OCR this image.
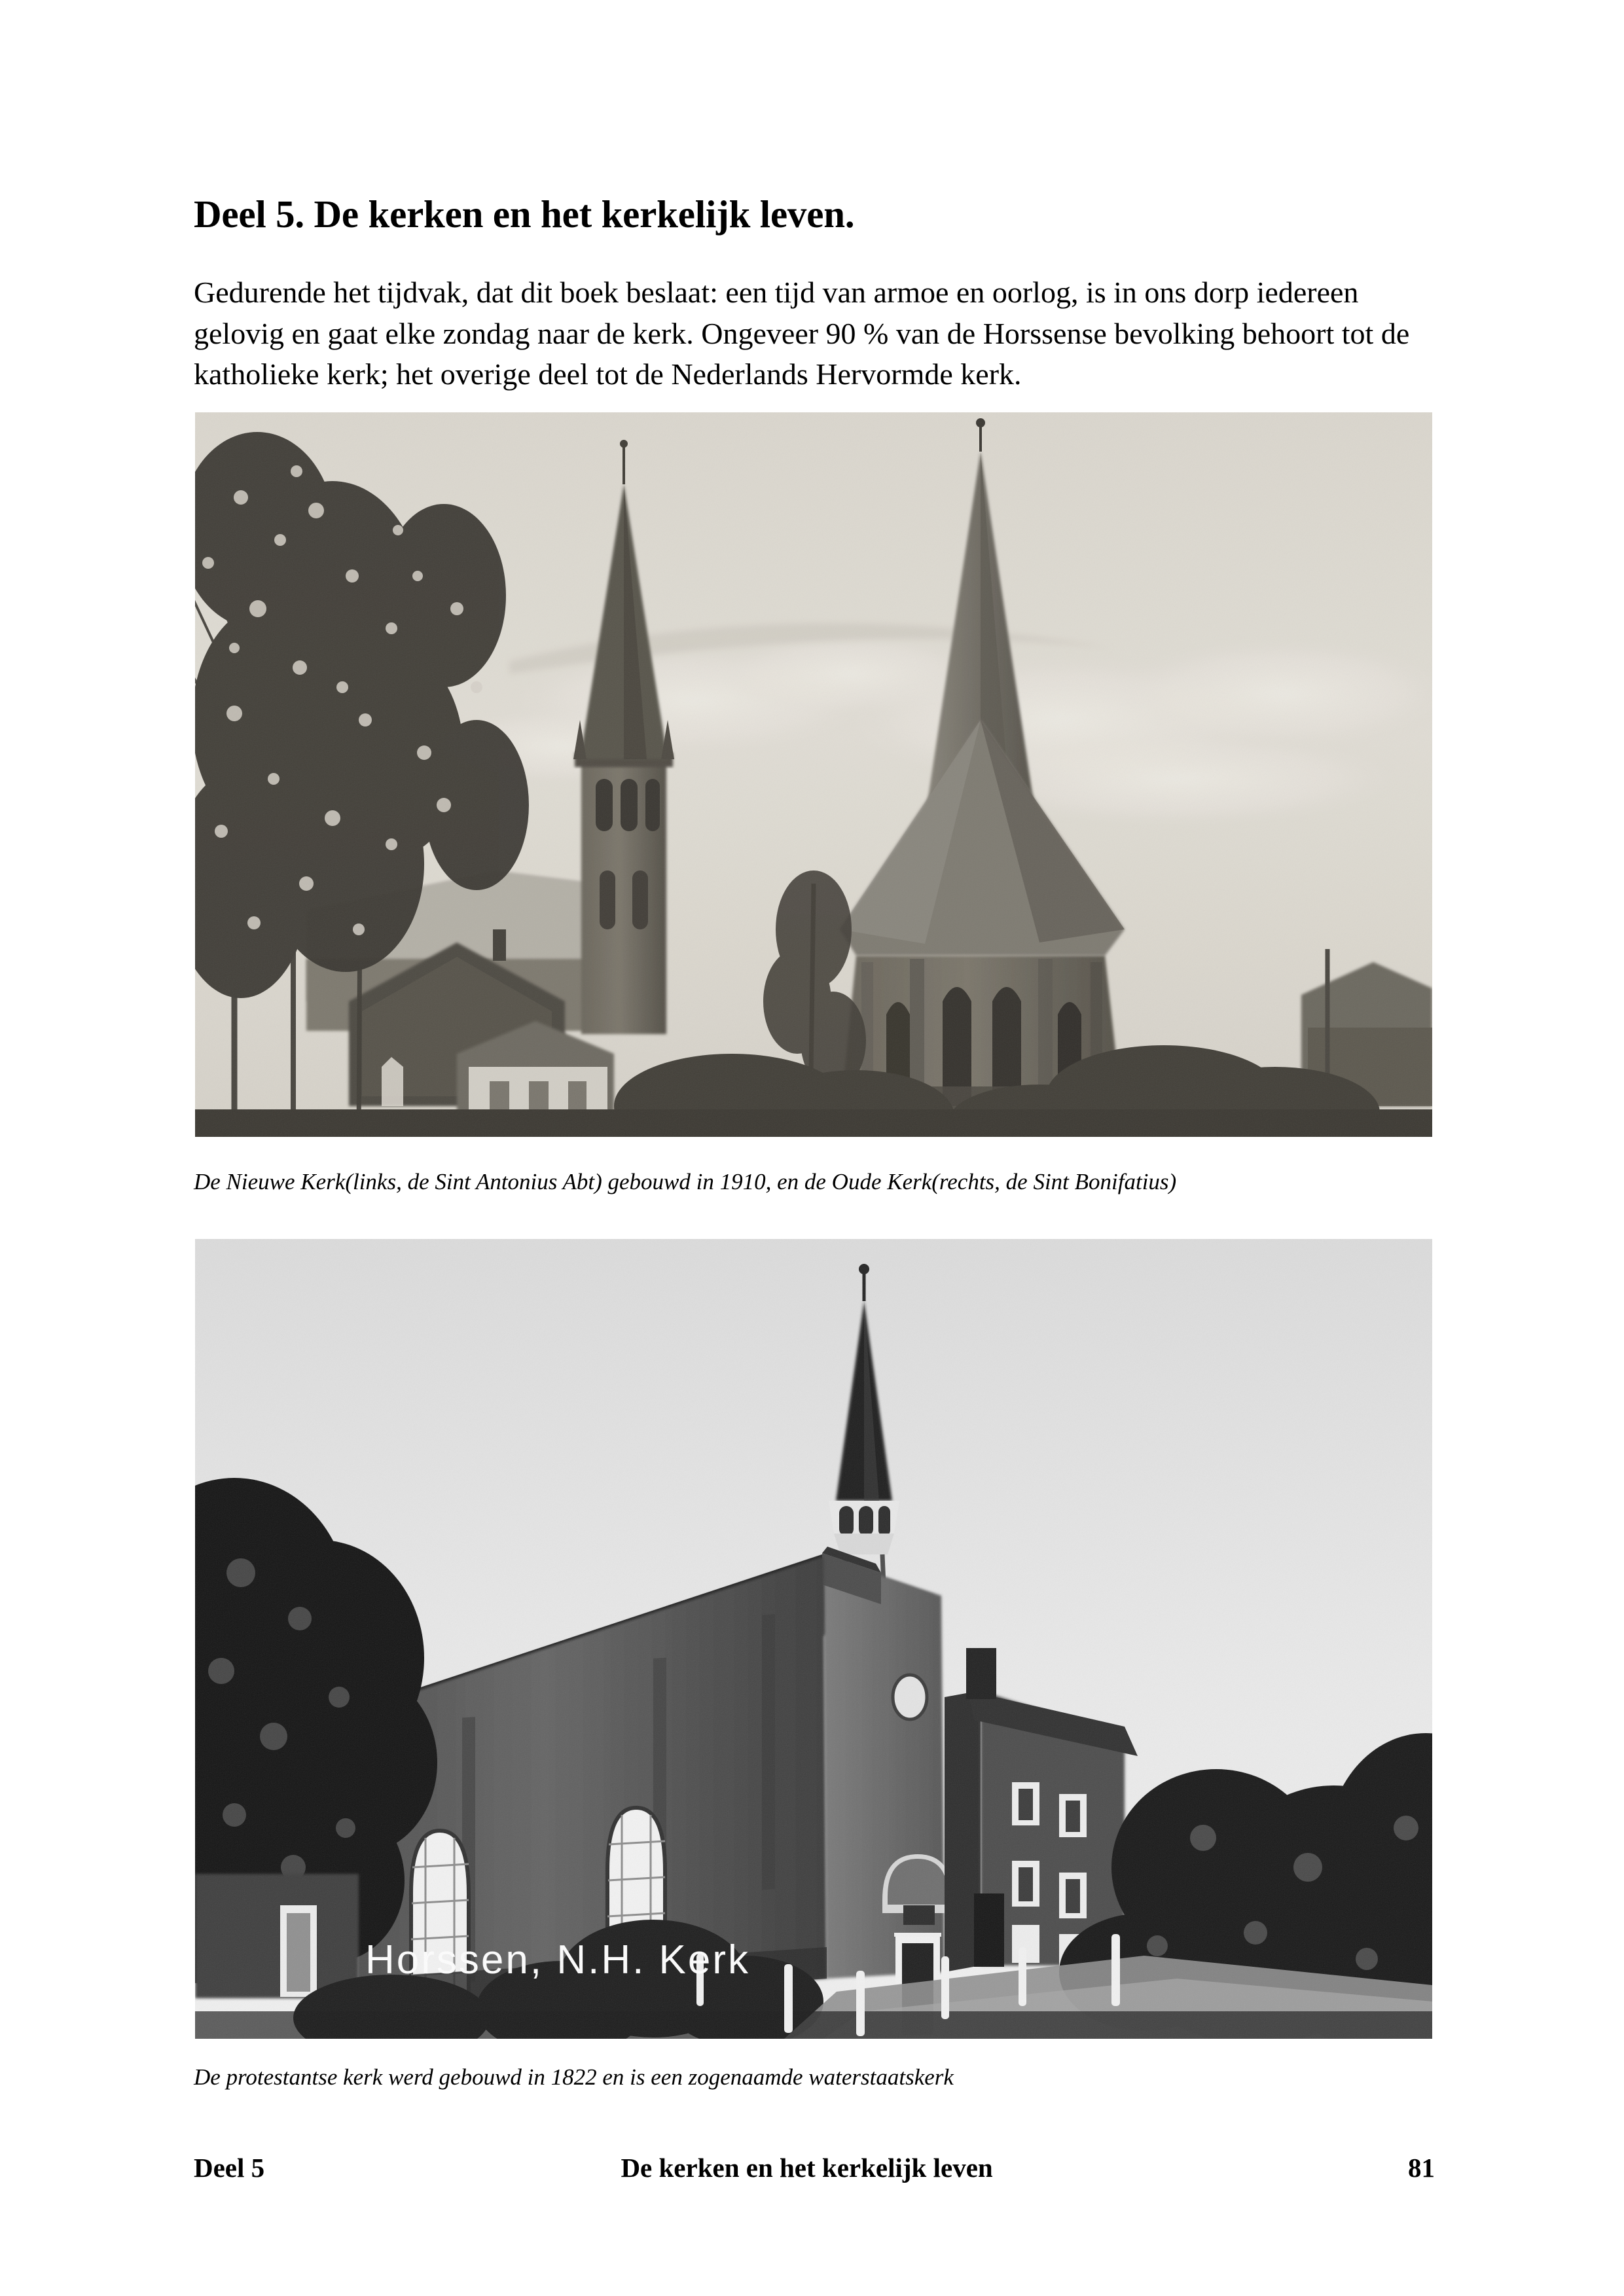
Deel 5. De kerken en het kerkelijk leven.

Gedurende het tijdvak, dat dit boek beslaat: een tijd van armoe en oorlog, is in ons dorp iedereen gelovig en gaat elke zondag naar de kerk. Ongeveer 90 % van de Horssense bevolking behoort tot de katholieke kerk; het overige deel tot de Nederlands Hervormde kerk.

De Nieuwe Kerk(links, de Sint Antonius Abt) gebouwd in 1910, en de Oude Kerk(rechts, de Sint Bonifatius)
Horssen, N.H. Kerk
De protestantse kerk werd gebouwd in 1822 en is een zogenaamde waterstaatskerk
Deel 5	De kerken en het kerkelijk leven	81
